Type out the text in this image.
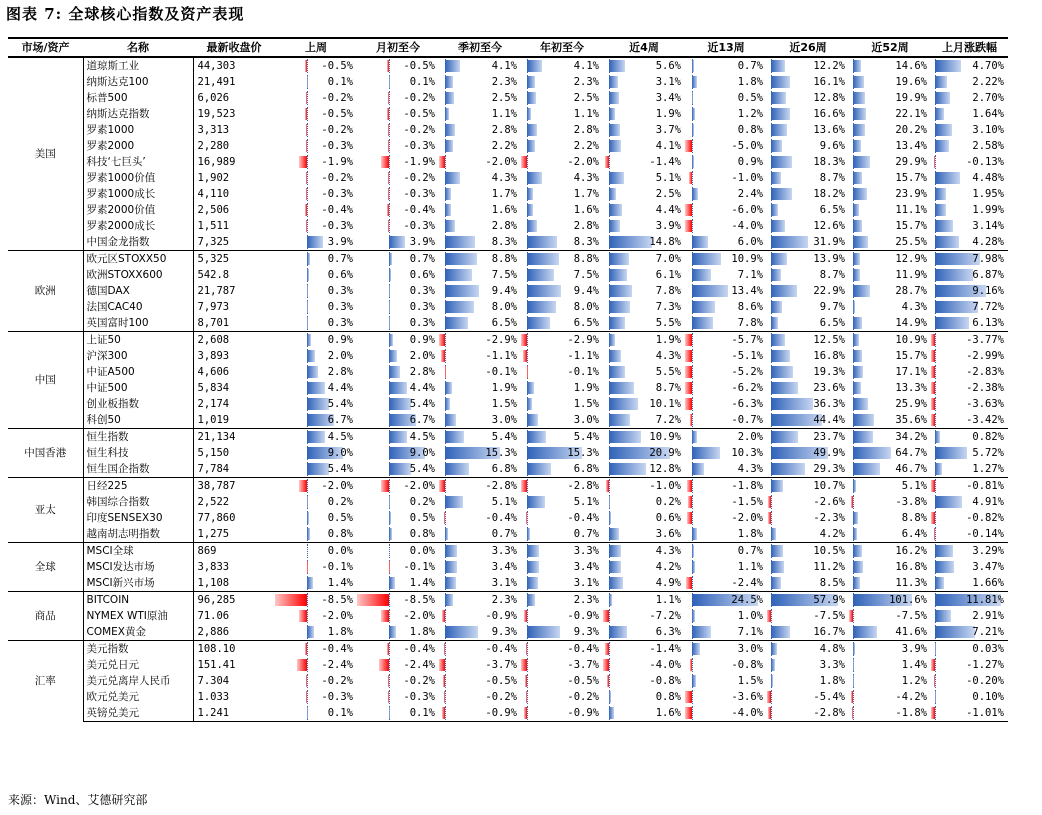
图表 7: 全球核心指数及资产表现
市场/资产	名称	最新收盘价	上周	月初至今	季初至今	年初至今	近4周	近13周	近26周	近52周	上月涨跌幅
美国	道琼斯工业	44,303	-0.5%	-0.5%	4.1%	4.1%	5.6%	0.7%	12.2%	14.6%	4.70%

	纳斯达克100	21,491	0.1%	0.1%	2.3%	2.3%	3.1%	1.8%	16.1%	19.6%	2.22%

	标普500	6,026	-0.2%	-0.2%	2.5%	2.5%	3.4%	0.5%	12.8%	19.9%	2.70%

	纳斯达克指数	19,523	-0.5%	-0.5%	1.1%	1.1%	1.9%	1.2%	16.6%	22.1%	1.64%

	罗素1000	3,313	-0.2%	-0.2%	2.8%	2.8%	3.7%	0.8%	13.6%	20.2%	3.10%

	罗素2000	2,280	-0.3%	-0.3%	2.2%	2.2%	4.1%	-5.0%	9.6%	13.4%	2.58%

	科技‘七巨头’	16,989	-1.9%	-1.9%	-2.0%	-2.0%	-1.4%	0.9%	18.3%	29.9%	-0.13%

	罗素1000价值	1,902	-0.2%	-0.2%	4.3%	4.3%	5.1%	-1.0%	8.7%	15.7%	4.48%

	罗素1000成长	4,110	-0.3%	-0.3%	1.7%	1.7%	2.5%	2.4%	18.2%	23.9%	1.95%

	罗素2000价值	2,506	-0.4%	-0.4%	1.6%	1.6%	4.4%	-6.0%	6.5%	11.1%	1.99%

	罗素2000成长	1,511	-0.3%	-0.3%	2.8%	2.8%	3.9%	-4.0%	12.6%	15.7%	3.14%

	中国金龙指数	7,325	3.9%	3.9%	8.3%	8.3%	14.8%	6.0%	31.9%	25.5%	4.28%

欧洲	欧元区STOXX50	5,325	0.7%	0.7%	8.8%	8.8%	7.0%	10.9%	13.9%	12.9%	7.98%

	欧洲STOXX600	542.8	0.6%	0.6%	7.5%	7.5%	6.1%	7.1%	8.7%	11.9%	6.87%

	德国DAX	21,787	0.3%	0.3%	9.4%	9.4%	7.8%	13.4%	22.9%	28.7%	9.16%

	法国CAC40	7,973	0.3%	0.3%	8.0%	8.0%	7.3%	8.6%	9.7%	4.3%	7.72%

	英国富时100	8,701	0.3%	0.3%	6.5%	6.5%	5.5%	7.8%	6.5%	14.9%	6.13%

中国	上证50	2,608	0.9%	0.9%	-2.9%	-2.9%	1.9%	-5.7%	12.5%	10.9%	-3.77%

	沪深300	3,893	2.0%	2.0%	-1.1%	-1.1%	4.3%	-5.1%	16.8%	15.7%	-2.99%

	中证A500	4,606	2.8%	2.8%	-0.1%	-0.1%	5.5%	-5.2%	19.3%	17.1%	-2.83%

	中证500	5,834	4.4%	4.4%	1.9%	1.9%	8.7%	-6.2%	23.6%	13.3%	-2.38%

	创业板指数	2,174	5.4%	5.4%	1.5%	1.5%	10.1%	-6.3%	36.3%	25.9%	-3.63%

	科创50	1,019	6.7%	6.7%	3.0%	3.0%	7.2%	-0.7%	44.4%	35.6%	-3.42%

中国香港	恒生指数	21,134	4.5%	4.5%	5.4%	5.4%	10.9%	2.0%	23.7%	34.2%	0.82%

	恒生科技	5,150	9.0%	9.0%	15.3%	15.3%	20.9%	10.3%	49.9%	64.7%	5.72%

	恒生国企指数	7,784	5.4%	5.4%	6.8%	6.8%	12.8%	4.3%	29.3%	46.7%	1.27%

亚太	日经225	38,787	-2.0%	-2.0%	-2.8%	-2.8%	-1.0%	-1.8%	10.7%	5.1%	-0.81%

	韩国综合指数	2,522	0.2%	0.2%	5.1%	5.1%	0.2%	-1.5%	-2.6%	-3.8%	4.91%

	印度SENSEX30	77,860	0.5%	0.5%	-0.4%	-0.4%	0.6%	-2.0%	-2.3%	8.8%	-0.82%

	越南胡志明指数	1,275	0.8%	0.8%	0.7%	0.7%	3.6%	1.8%	4.2%	6.4%	-0.14%

全球	MSCI全球	869	0.0%	0.0%	3.3%	3.3%	4.3%	0.7%	10.5%	16.2%	3.29%

	MSCI发达市场	3,833	-0.1%	-0.1%	3.4%	3.4%	4.2%	1.1%	11.2%	16.8%	3.47%

	MSCI新兴市场	1,108	1.4%	1.4%	3.1%	3.1%	4.9%	-2.4%	8.5%	11.3%	1.66%

商品	BITCOIN	96,285	-8.5%	-8.5%	2.3%	2.3%	1.1%	24.5%	57.9%	101.6%	11.81%

	NYMEX WTI原油	71.06	-2.0%	-2.0%	-0.9%	-0.9%	-7.2%	1.0%	-7.5%	-7.5%	2.91%

	COMEX黄金	2,886	1.8%	1.8%	9.3%	9.3%	6.3%	7.1%	16.7%	41.6%	7.21%

汇率	美元指数	108.10	-0.4%	-0.4%	-0.4%	-0.4%	-1.4%	3.0%	4.8%	3.9%	0.03%

	美元兑日元	151.41	-2.4%	-2.4%	-3.7%	-3.7%	-4.0%	-0.8%	3.3%	1.4%	-1.27%

	美元兑离岸人民币	7.304	-0.2%	-0.2%	-0.5%	-0.5%	-0.8%	1.5%	1.8%	1.2%	-0.20%

	欧元兑美元	1.033	-0.3%	-0.3%	-0.2%	-0.2%	0.8%	-3.6%	-5.4%	-4.2%	0.10%

	英镑兑美元	1.241	0.1%	0.1%	-0.9%	-0.9%	1.6%	-4.0%	-2.8%	-1.8%	-1.01%
来源：Wind、艾德研究部
